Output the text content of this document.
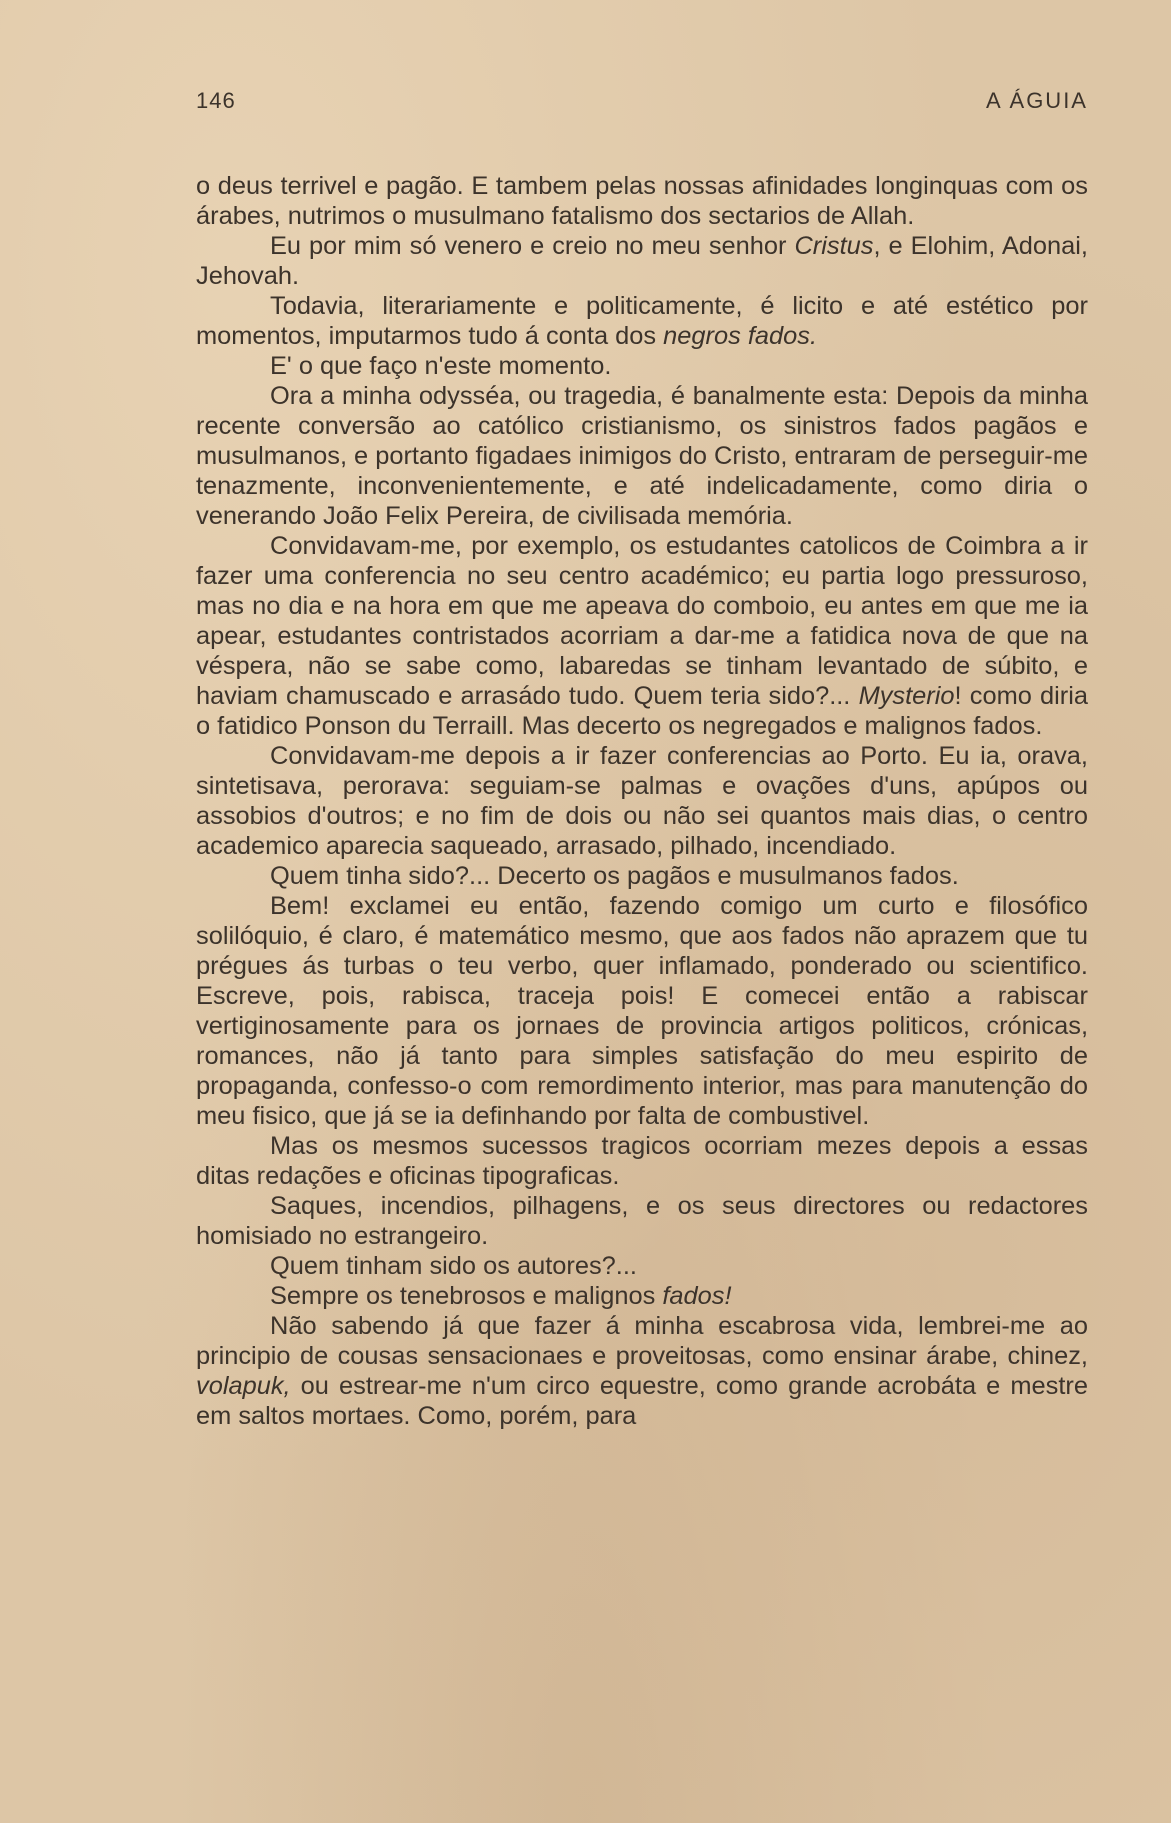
146	A ÁGUIA

o deus terrivel e pagão. E tambem pelas nossas afinidades longinquas com os árabes, nutrimos o musulmano fatalismo dos sectarios de Allah.

Eu por mim só venero e creio no meu senhor Cristus, e Elohim, Adonai, Jehovah.

Todavia, literariamente e politicamente, é licito e até estético por momentos, imputarmos tudo á conta dos negros fados.

E' o que faço n'este momento.

Ora a minha odysséa, ou tragedia, é banalmente esta: Depois da minha recente conversão ao católico cristianismo, os sinistros fados pagãos e musulmanos, e portanto figadaes inimigos do Cristo, entraram de perseguir-me tenazmente, inconvenientemente, e até indelicadamente, como diria o venerando João Felix Pereira, de civilisada memória.

Convidavam-me, por exemplo, os estudantes catolicos de Coimbra a ir fazer uma conferencia no seu centro académico; eu partia logo pressuroso, mas no dia e na hora em que me apeava do comboio, eu antes em que me ia apear, estudantes contristados acorriam a dar-me a fatidica nova de que na véspera, não se sabe como, labaredas se tinham levantado de súbito, e haviam chamuscado e arrasádo tudo. Quem teria sido?... Mysterio! como diria o fatidico Ponson du Terraill. Mas decerto os negregados e malignos fados.

Convidavam-me depois a ir fazer conferencias ao Porto. Eu ia, orava, sintetisava, perorava: seguiam-se palmas e ovações d'uns, apúpos ou assobios d'outros; e no fim de dois ou não sei quantos mais dias, o centro academico aparecia saqueado, arrasado, pilhado, incendiado.

Quem tinha sido?... Decerto os pagãos e musulmanos fados.

Bem! exclamei eu então, fazendo comigo um curto e filosófico solilóquio, é claro, é matemático mesmo, que aos fados não aprazem que tu prégues ás turbas o teu verbo, quer inflamado, ponderado ou scientifico. Escreve, pois, rabisca, traceja pois! E comecei então a rabiscar vertiginosamente para os jornaes de provincia artigos politicos, crónicas, romances, não já tanto para simples satisfação do meu espirito de propaganda, confesso-o com remordimento interior, mas para manutenção do meu fisico, que já se ia definhando por falta de combustivel.

Mas os mesmos sucessos tragicos ocorriam mezes depois a essas ditas redações e oficinas tipograficas.

Saques, incendios, pilhagens, e os seus directores ou redactores homisiado no estrangeiro.

Quem tinham sido os autores?...

Sempre os tenebrosos e malignos fados!

Não sabendo já que fazer á minha escabrosa vida, lembrei-me ao principio de cousas sensacionaes e proveitosas, como ensinar árabe, chinez, volapuk, ou estrear-me n'um circo equestre, como grande acrobáta e mestre em saltos mortaes. Como, porém, para
